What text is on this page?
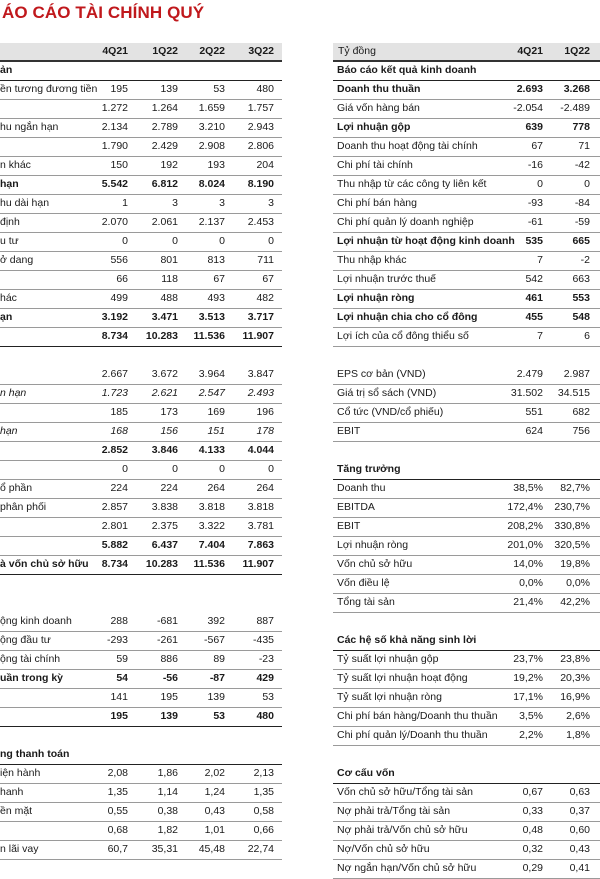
ÁO CÁO TÀI CHÍNH QUÝ
4Q21 1Q22 2Q22 3Q22
ản
ền tương đương tiền 195	139	53	480
1.272 1.264 1.659 1.757
hu ngắn hạn	2.134 2.789 3.210 2.943
1.790 2.429 2.908 2.806
n khác	150	192	193	204
hạn	5.542 6.812 8.024 8.190
hu dài hạn	1	3	3	3
định	2.070 2.061 2.137 2.453
u tư	0	0	0	0
ở dang	556	801	813	711
66	118	67	67
hác	499	488	493	482
ạn	3.192 3.471 3.513 3.717
8.734 10.283 11.536 11.907
2.667 3.672 3.964 3.847
n hạn	1.723 2.621 2.547 2.493
185	173	169	196
hạn	168	156	151	178
2.852 3.846 4.133 4.044
0	0	0	0
ổ phần	224	224	264	264
phân phối	2.857 3.838 3.818 3.818
2.801 2.375 3.322 3.781
5.882 6.437 7.404 7.863
à vốn chủ sở hữu 8.734 10.283 11.536 11.907
ộng kinh doanh	288	-681	392	887
ộng đầu tư	-293	-261 -567	-435
ộng tài chính	59	886	89	-23
uần trong kỳ	54	-56	-87	429
141	195	139	53
195	139	53	480
ng thanh toán
iện hành	2,08	1,86	2,02	2,13
hanh	1,35	1,14	1,24	1,35
ền mặt	0,55	0,38	0,43	0,58
0,68	1,82	1,01	0,66
n lãi vay	60,7 35,31 45,48 22,74
Tỷ đồng	4Q21 1Q22
Báo cáo kết quả kinh doanh
Doanh thu thuần	2.693 3.268
Giá vốn hàng bán	-2.054 -2.489
Lợi nhuận gộp	639	778
Doanh thu hoạt động tài chính	67	71
Chi phí tài chính	-16	-42
Thu nhập từ các công ty liên kết	0	0
Chi phí bán hàng	-93	-84
Chi phí quản lý doanh nghiệp	-61	-59
Lợi nhuận từ hoạt động kinh doanh 535	665
Thu nhập khác	7	-2
Lợi nhuận trước thuế	542	663
Lợi nhuận ròng	461	553
Lợi nhuận chia cho cổ đông	455	548
Lợi ích của cổ đông thiểu số	7	6
EPS cơ bản (VND)	2.479 2.987
Giá trị sổ sách (VND)	31.502 34.515
Cổ tức (VND/cổ phiếu)	551	682
EBIT	624	756
Tăng trưởng
Doanh thu	38,5% 82,7%
EBITDA	172,4% 230,7%
EBIT	208,2% 330,8%
Lợi nhuận ròng	201,0% 320,5%
Vốn chủ sở hữu	14,0% 19,8%
Vốn điều lệ	0,0% 0,0%
Tổng tài sản	21,4% 42,2%
Các hệ số khả năng sinh lời
Tỷ suất lợi nhuận gộp	23,7% 23,8%
Tỷ suất lợi nhuận hoạt động	19,2% 20,3%
Tỷ suất lợi nhuận ròng	17,1% 16,9%
Chi phí bán hàng/Doanh thu thuần 3,5% 2,6%
Chi phí quản lý/Doanh thu thuần	2,2% 1,8%
Cơ cấu vốn
Vốn chủ sở hữu/Tổng tài sản	0,67	0,63
Nợ phải trả/Tổng tài sản	0,33	0,37
Nợ phải trả/Vốn chủ sở hữu	0,48	0,60
Nợ/Vốn chủ sở hữu	0,32	0,43
Nợ ngắn hạn/Vốn chủ sở hữu	0,29	0,41
